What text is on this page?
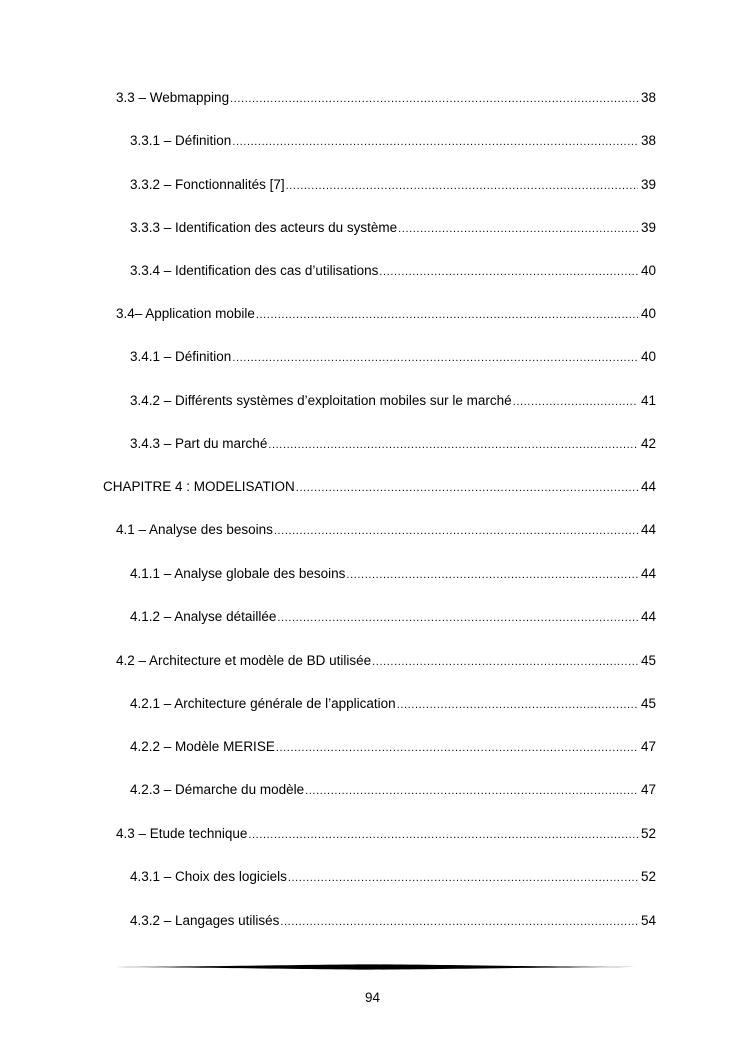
3.3 – Webmapping .....	38
3.3.1 – Définition .....	38
3.3.2 – Fonctionnalités [7] .....	39
3.3.3 – Identification des acteurs du système .....	39
3.3.4 – Identification des cas d’utilisations .....	40
3.4– Application mobile .....	40
3.4.1 – Définition .....	40
3.4.2 – Différents systèmes d’exploitation mobiles sur le marché .....	41
3.4.3 – Part du marché .....	42
CHAPITRE 4 : MODELISATION .....	44
4.1 – Analyse des besoins .....	44
4.1.1 – Analyse globale des besoins .....	44
4.1.2 – Analyse détaillée .....	44
4.2 – Architecture et modèle de BD utilisée .....	45
4.2.1 – Architecture générale de l’application .....	45
4.2.2 – Modèle MERISE .....	47
4.2.3 – Démarche du modèle .....	47
4.3 – Etude technique .....	52
4.3.1 – Choix des logiciels .....	52
4.3.2 – Langages utilisés .....	54
94
